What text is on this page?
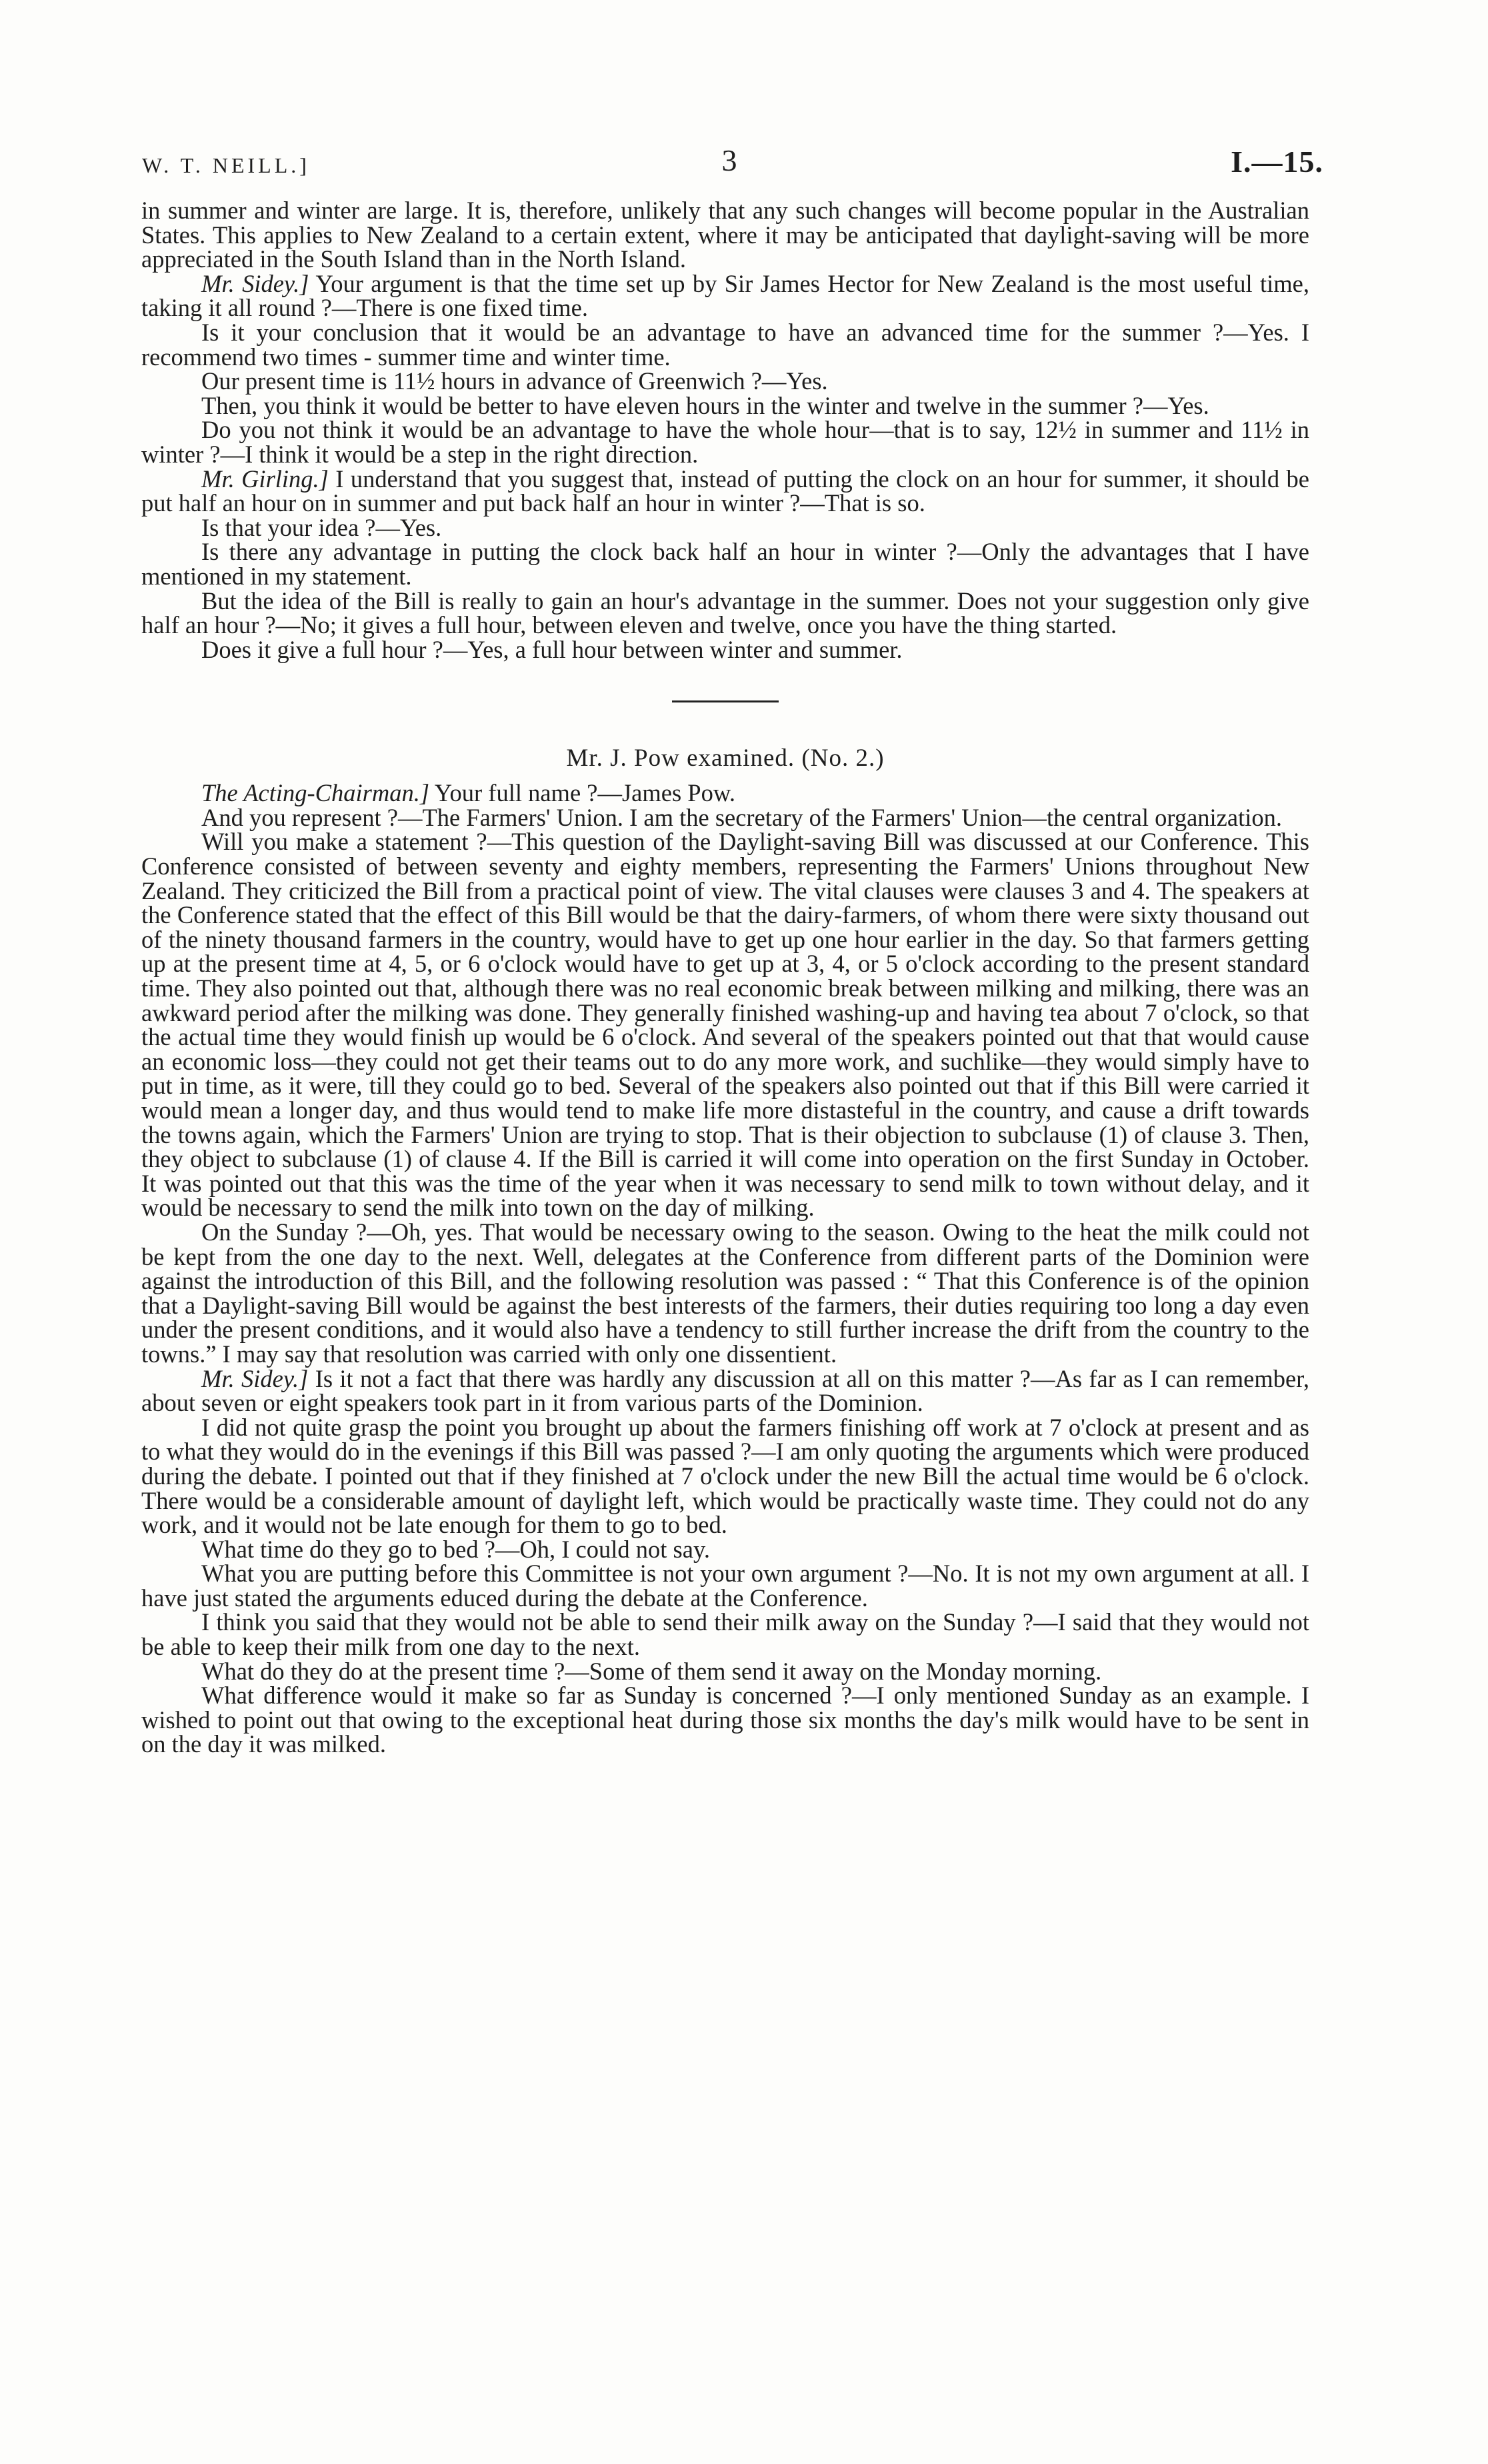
W. T. NEILL.]	3	I.—15.

in summer and winter are large. It is, therefore, unlikely that any such changes will become popular in the Australian States. This applies to New Zealand to a certain extent, where it may be anticipated that daylight-saving will be more appreciated in the South Island than in the North Island.

Mr. Sidey.] Your argument is that the time set up by Sir James Hector for New Zealand is the most useful time, taking it all round ?—There is one fixed time.

Is it your conclusion that it would be an advantage to have an advanced time for the summer ?—Yes. I recommend two times - summer time and winter time.

Our present time is 11½ hours in advance of Greenwich ?—Yes.

Then, you think it would be better to have eleven hours in the winter and twelve in the summer ?—Yes.

Do you not think it would be an advantage to have the whole hour—that is to say, 12½ in summer and 11½ in winter ?—I think it would be a step in the right direction.

Mr. Girling.] I understand that you suggest that, instead of putting the clock on an hour for summer, it should be put half an hour on in summer and put back half an hour in winter ?—That is so.

Is that your idea ?—Yes.

Is there any advantage in putting the clock back half an hour in winter ?—Only the advantages that I have mentioned in my statement.

But the idea of the Bill is really to gain an hour's advantage in the summer. Does not your suggestion only give half an hour ?—No; it gives a full hour, between eleven and twelve, once you have the thing started.

Does it give a full hour ?—Yes, a full hour between winter and summer.

Mr. J. Pow examined. (No. 2.)

The Acting-Chairman.] Your full name ?—James Pow.

And you represent ?—The Farmers' Union. I am the secretary of the Farmers' Union—the central organization.

Will you make a statement ?—This question of the Daylight-saving Bill was discussed at our Conference. This Conference consisted of between seventy and eighty members, representing the Farmers' Unions throughout New Zealand. They criticized the Bill from a practical point of view. The vital clauses were clauses 3 and 4. The speakers at the Conference stated that the effect of this Bill would be that the dairy-farmers, of whom there were sixty thousand out of the ninety thousand farmers in the country, would have to get up one hour earlier in the day. So that farmers getting up at the present time at 4, 5, or 6 o'clock would have to get up at 3, 4, or 5 o'clock according to the present standard time. They also pointed out that, although there was no real economic break between milking and milking, there was an awkward period after the milking was done. They generally finished washing-up and having tea about 7 o'clock, so that the actual time they would finish up would be 6 o'clock. And several of the speakers pointed out that that would cause an economic loss—they could not get their teams out to do any more work, and suchlike—they would simply have to put in time, as it were, till they could go to bed. Several of the speakers also pointed out that if this Bill were carried it would mean a longer day, and thus would tend to make life more distasteful in the country, and cause a drift towards the towns again, which the Farmers' Union are trying to stop. That is their objection to subclause (1) of clause 3. Then, they object to subclause (1) of clause 4. If the Bill is carried it will come into operation on the first Sunday in October. It was pointed out that this was the time of the year when it was necessary to send milk to town without delay, and it would be necessary to send the milk into town on the day of milking.

On the Sunday ?—Oh, yes. That would be necessary owing to the season. Owing to the heat the milk could not be kept from the one day to the next. Well, delegates at the Conference from different parts of the Dominion were against the introduction of this Bill, and the following resolution was passed : “ That this Conference is of the opinion that a Daylight-saving Bill would be against the best interests of the farmers, their duties requiring too long a day even under the present conditions, and it would also have a tendency to still further increase the drift from the country to the towns.” I may say that resolution was carried with only one dissentient.

Mr. Sidey.] Is it not a fact that there was hardly any discussion at all on this matter ?—As far as I can remember, about seven or eight speakers took part in it from various parts of the Dominion.

I did not quite grasp the point you brought up about the farmers finishing off work at 7 o'clock at present and as to what they would do in the evenings if this Bill was passed ?—I am only quoting the arguments which were produced during the debate. I pointed out that if they finished at 7 o'clock under the new Bill the actual time would be 6 o'clock. There would be a considerable amount of daylight left, which would be practically waste time. They could not do any work, and it would not be late enough for them to go to bed.

What time do they go to bed ?—Oh, I could not say.

What you are putting before this Committee is not your own argument ?—No. It is not my own argument at all. I have just stated the arguments educed during the debate at the Conference.

I think you said that they would not be able to send their milk away on the Sunday ?—I said that they would not be able to keep their milk from one day to the next.

What do they do at the present time ?—Some of them send it away on the Monday morning.

What difference would it make so far as Sunday is concerned ?—I only mentioned Sunday as an example. I wished to point out that owing to the exceptional heat during those six months the day's milk would have to be sent in on the day it was milked.
